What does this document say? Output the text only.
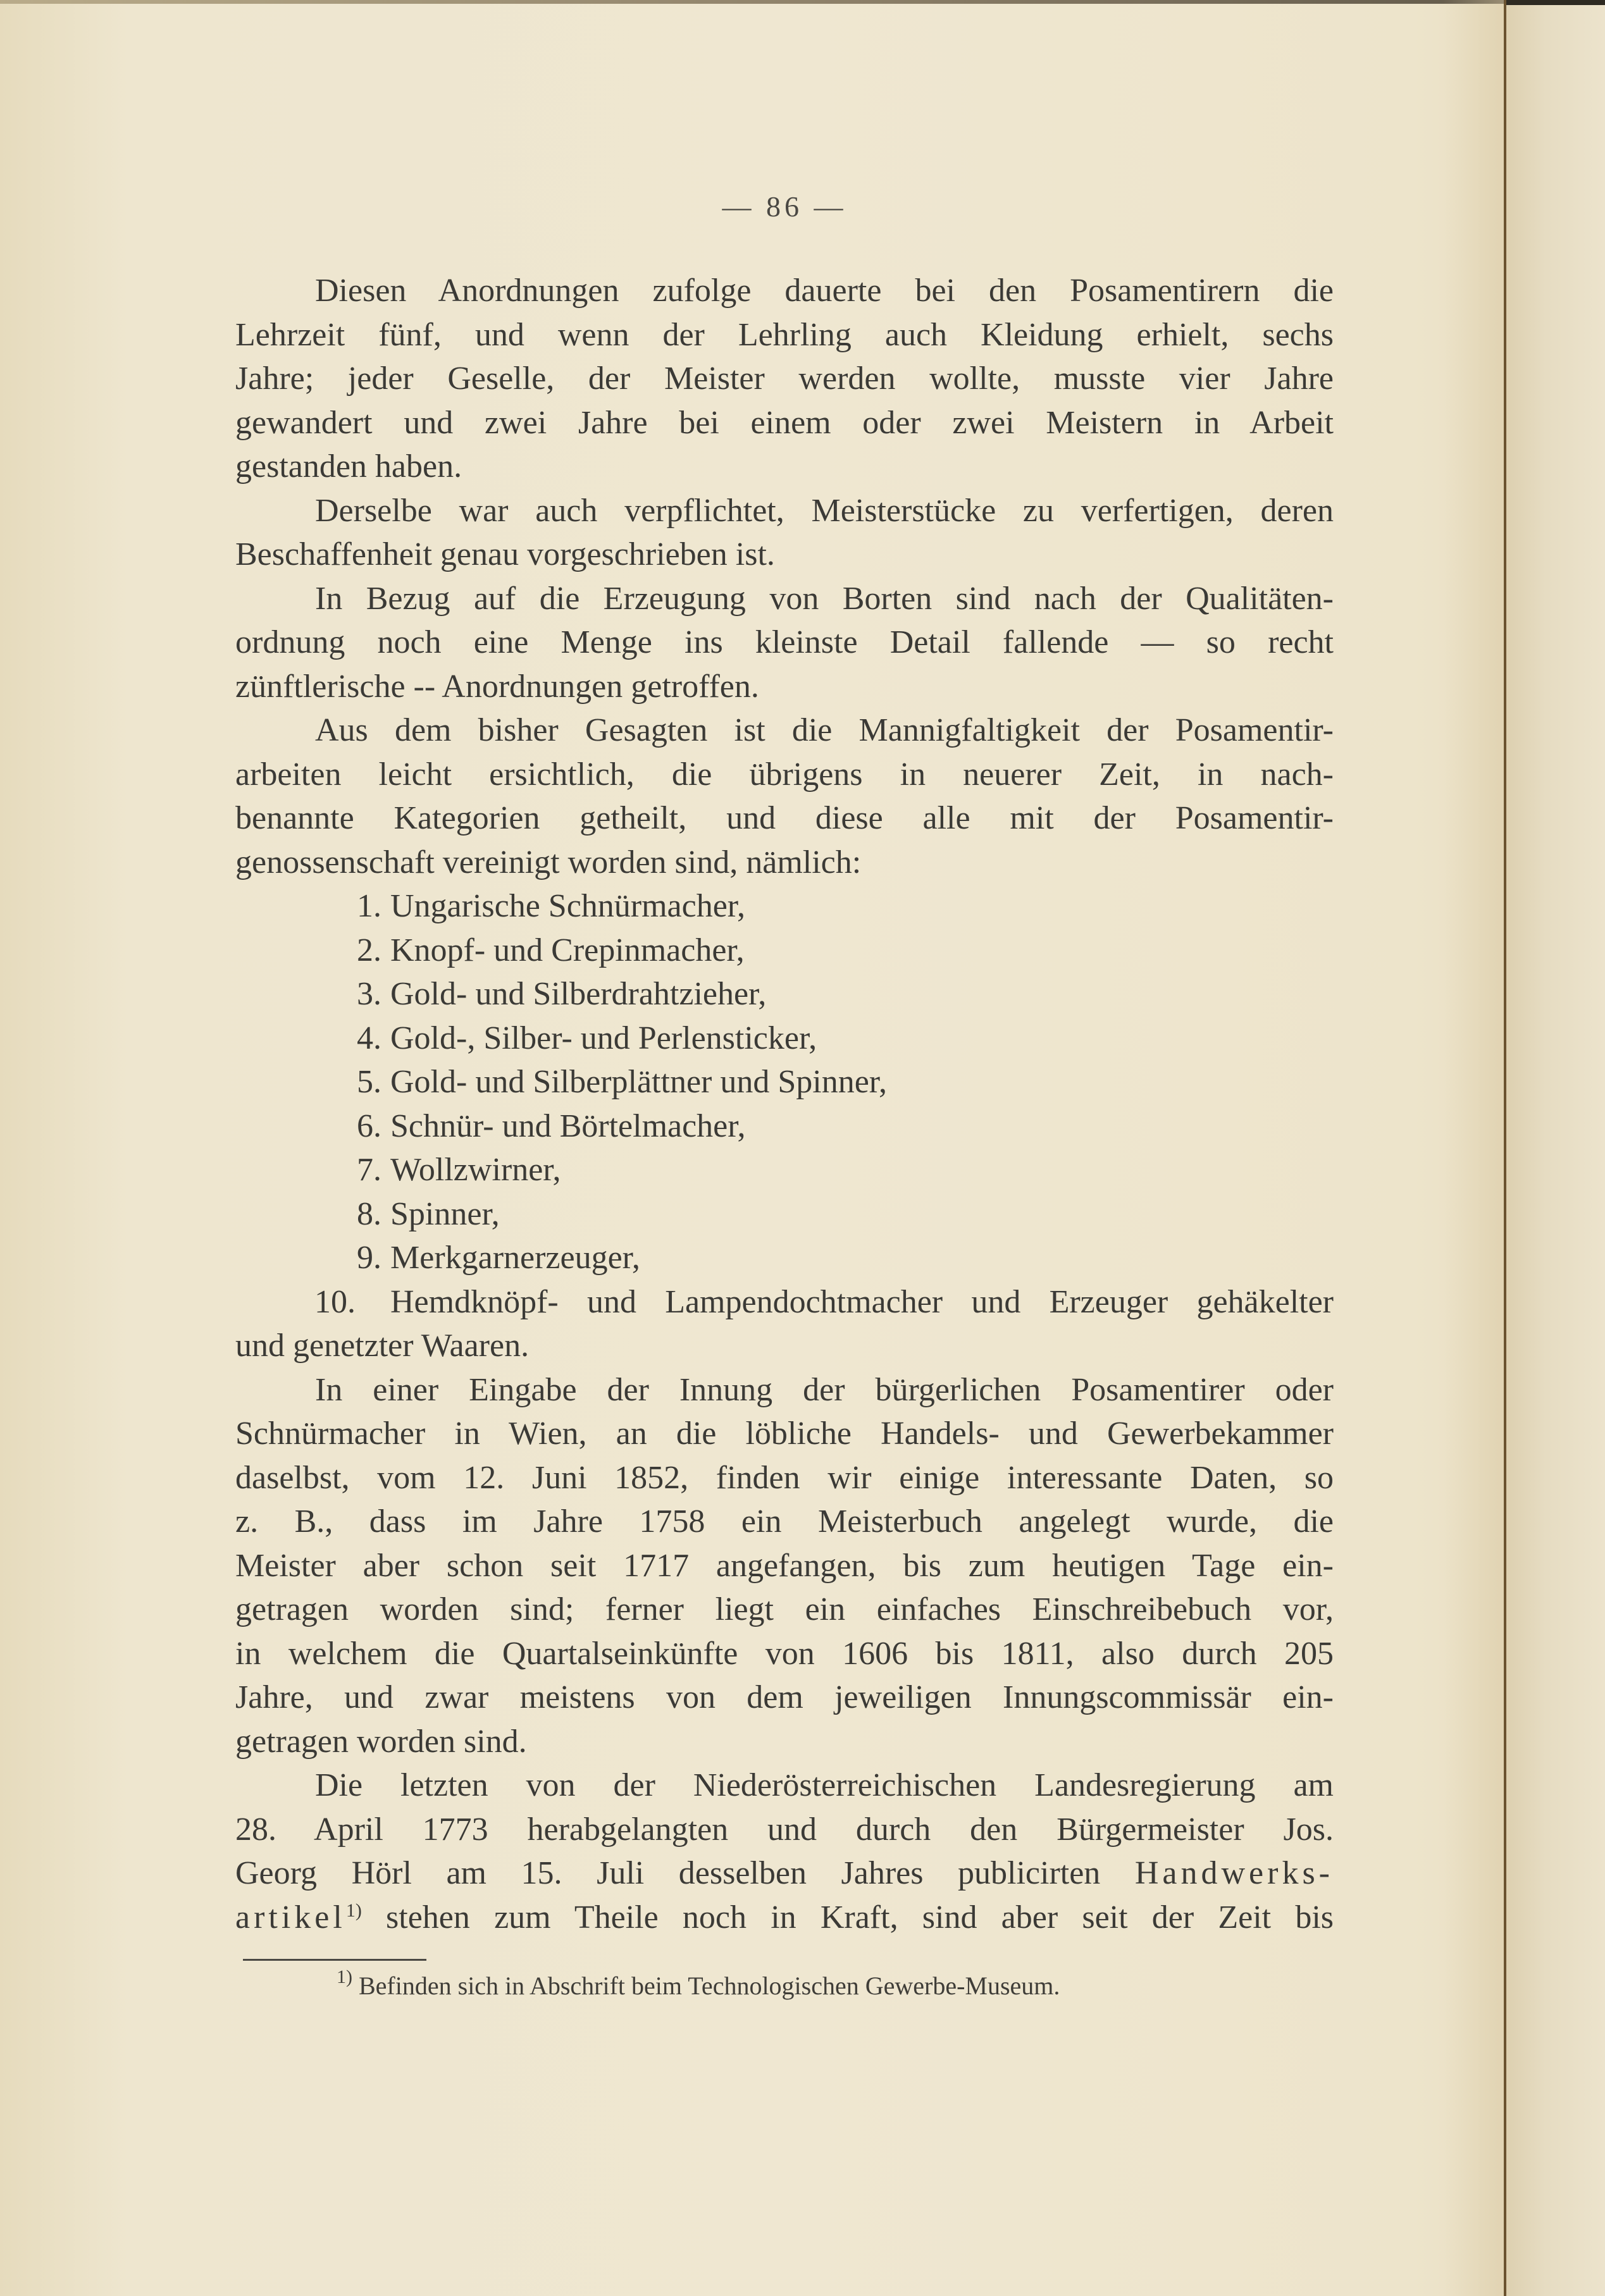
— 86 —
Diesen Anordnungen zufolge dauerte bei den Posamentirern die
Lehrzeit fünf, und wenn der Lehrling auch Kleidung erhielt, sechs
Jahre; jeder Geselle, der Meister werden wollte, musste vier Jahre
gewandert und zwei Jahre bei einem oder zwei Meistern in Arbeit
gestanden haben.
Derselbe war auch verpflichtet, Meisterstücke zu verfertigen, deren
Beschaffenheit genau vorgeschrieben ist.
In Bezug auf die Erzeugung von Borten sind nach der Qualitäten-
ordnung noch eine Menge ins kleinste Detail fallende — so recht
zünftlerische -- Anordnungen getroffen.
Aus dem bisher Gesagten ist die Mannigfaltigkeit der Posamentir-
arbeiten leicht ersichtlich, die übrigens in neuerer Zeit, in nach-
benannte Kategorien getheilt, und diese alle mit der Posamentir-
genossenschaft vereinigt worden sind, nämlich:
1. Ungarische Schnürmacher,
2. Knopf- und Crepinmacher,
3. Gold- und Silberdrahtzieher,
4. Gold-, Silber- und Perlensticker,
5. Gold- und Silberplättner und Spinner,
6. Schnür- und Börtelmacher,
7. Wollzwirner,
8. Spinner,
9. Merkgarnerzeuger,
10. Hemdknöpf- und Lampendochtmacher und Erzeuger gehäkelter
und genetzter Waaren.
In einer Eingabe der Innung der bürgerlichen Posamentirer oder
Schnürmacher in Wien, an die löbliche Handels- und Gewerbekammer
daselbst, vom 12. Juni 1852, finden wir einige interessante Daten, so
z. B., dass im Jahre 1758 ein Meisterbuch angelegt wurde, die
Meister aber schon seit 1717 angefangen, bis zum heutigen Tage ein-
getragen worden sind; ferner liegt ein einfaches Einschreibebuch vor,
in welchem die Quartalseinkünfte von 1606 bis 1811, also durch 205
Jahre, und zwar meistens von dem jeweiligen Innungscommissär ein-
getragen worden sind.
Die letzten von der Niederösterreichischen Landesregierung am
28. April 1773 herabgelangten und durch den Bürgermeister Jos.
Georg Hörl am 15. Juli desselben Jahres publicirten Handwerks-
artikel$^{1)}$ stehen zum Theile noch in Kraft, sind aber seit der Zeit bis
$^{1)}$ Befinden sich in Abschrift beim Technologischen Gewerbe-Museum.
